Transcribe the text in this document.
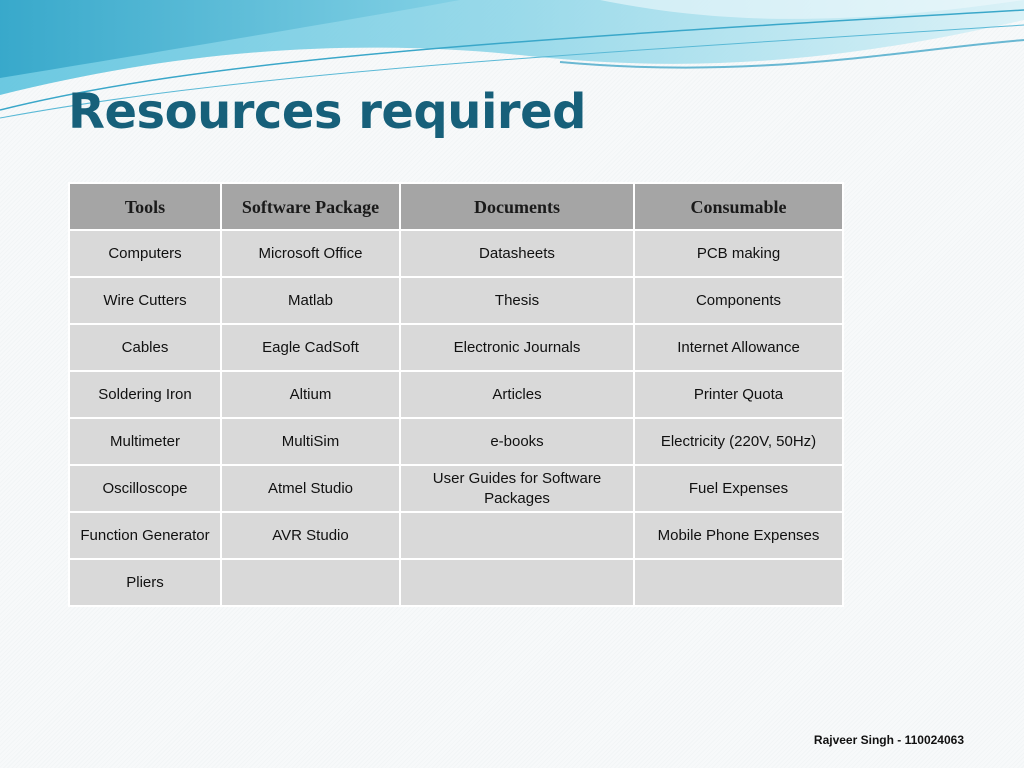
Resources required
Tools	Software Package	Documents	Consumable
Computers	Microsoft Office	Datasheets	PCB making
Wire Cutters	Matlab	Thesis	Components
Cables	Eagle CadSoft	Electronic Journals	Internet Allowance
Soldering Iron	Altium	Articles	Printer Quota
Multimeter	MultiSim	e-books	Electricity (220V, 50Hz)
Oscilloscope	Atmel Studio	User Guides for Software Packages	Fuel Expenses
Function Generator	AVR Studio		Mobile Phone Expenses
Pliers			
Rajveer Singh - 110024063
